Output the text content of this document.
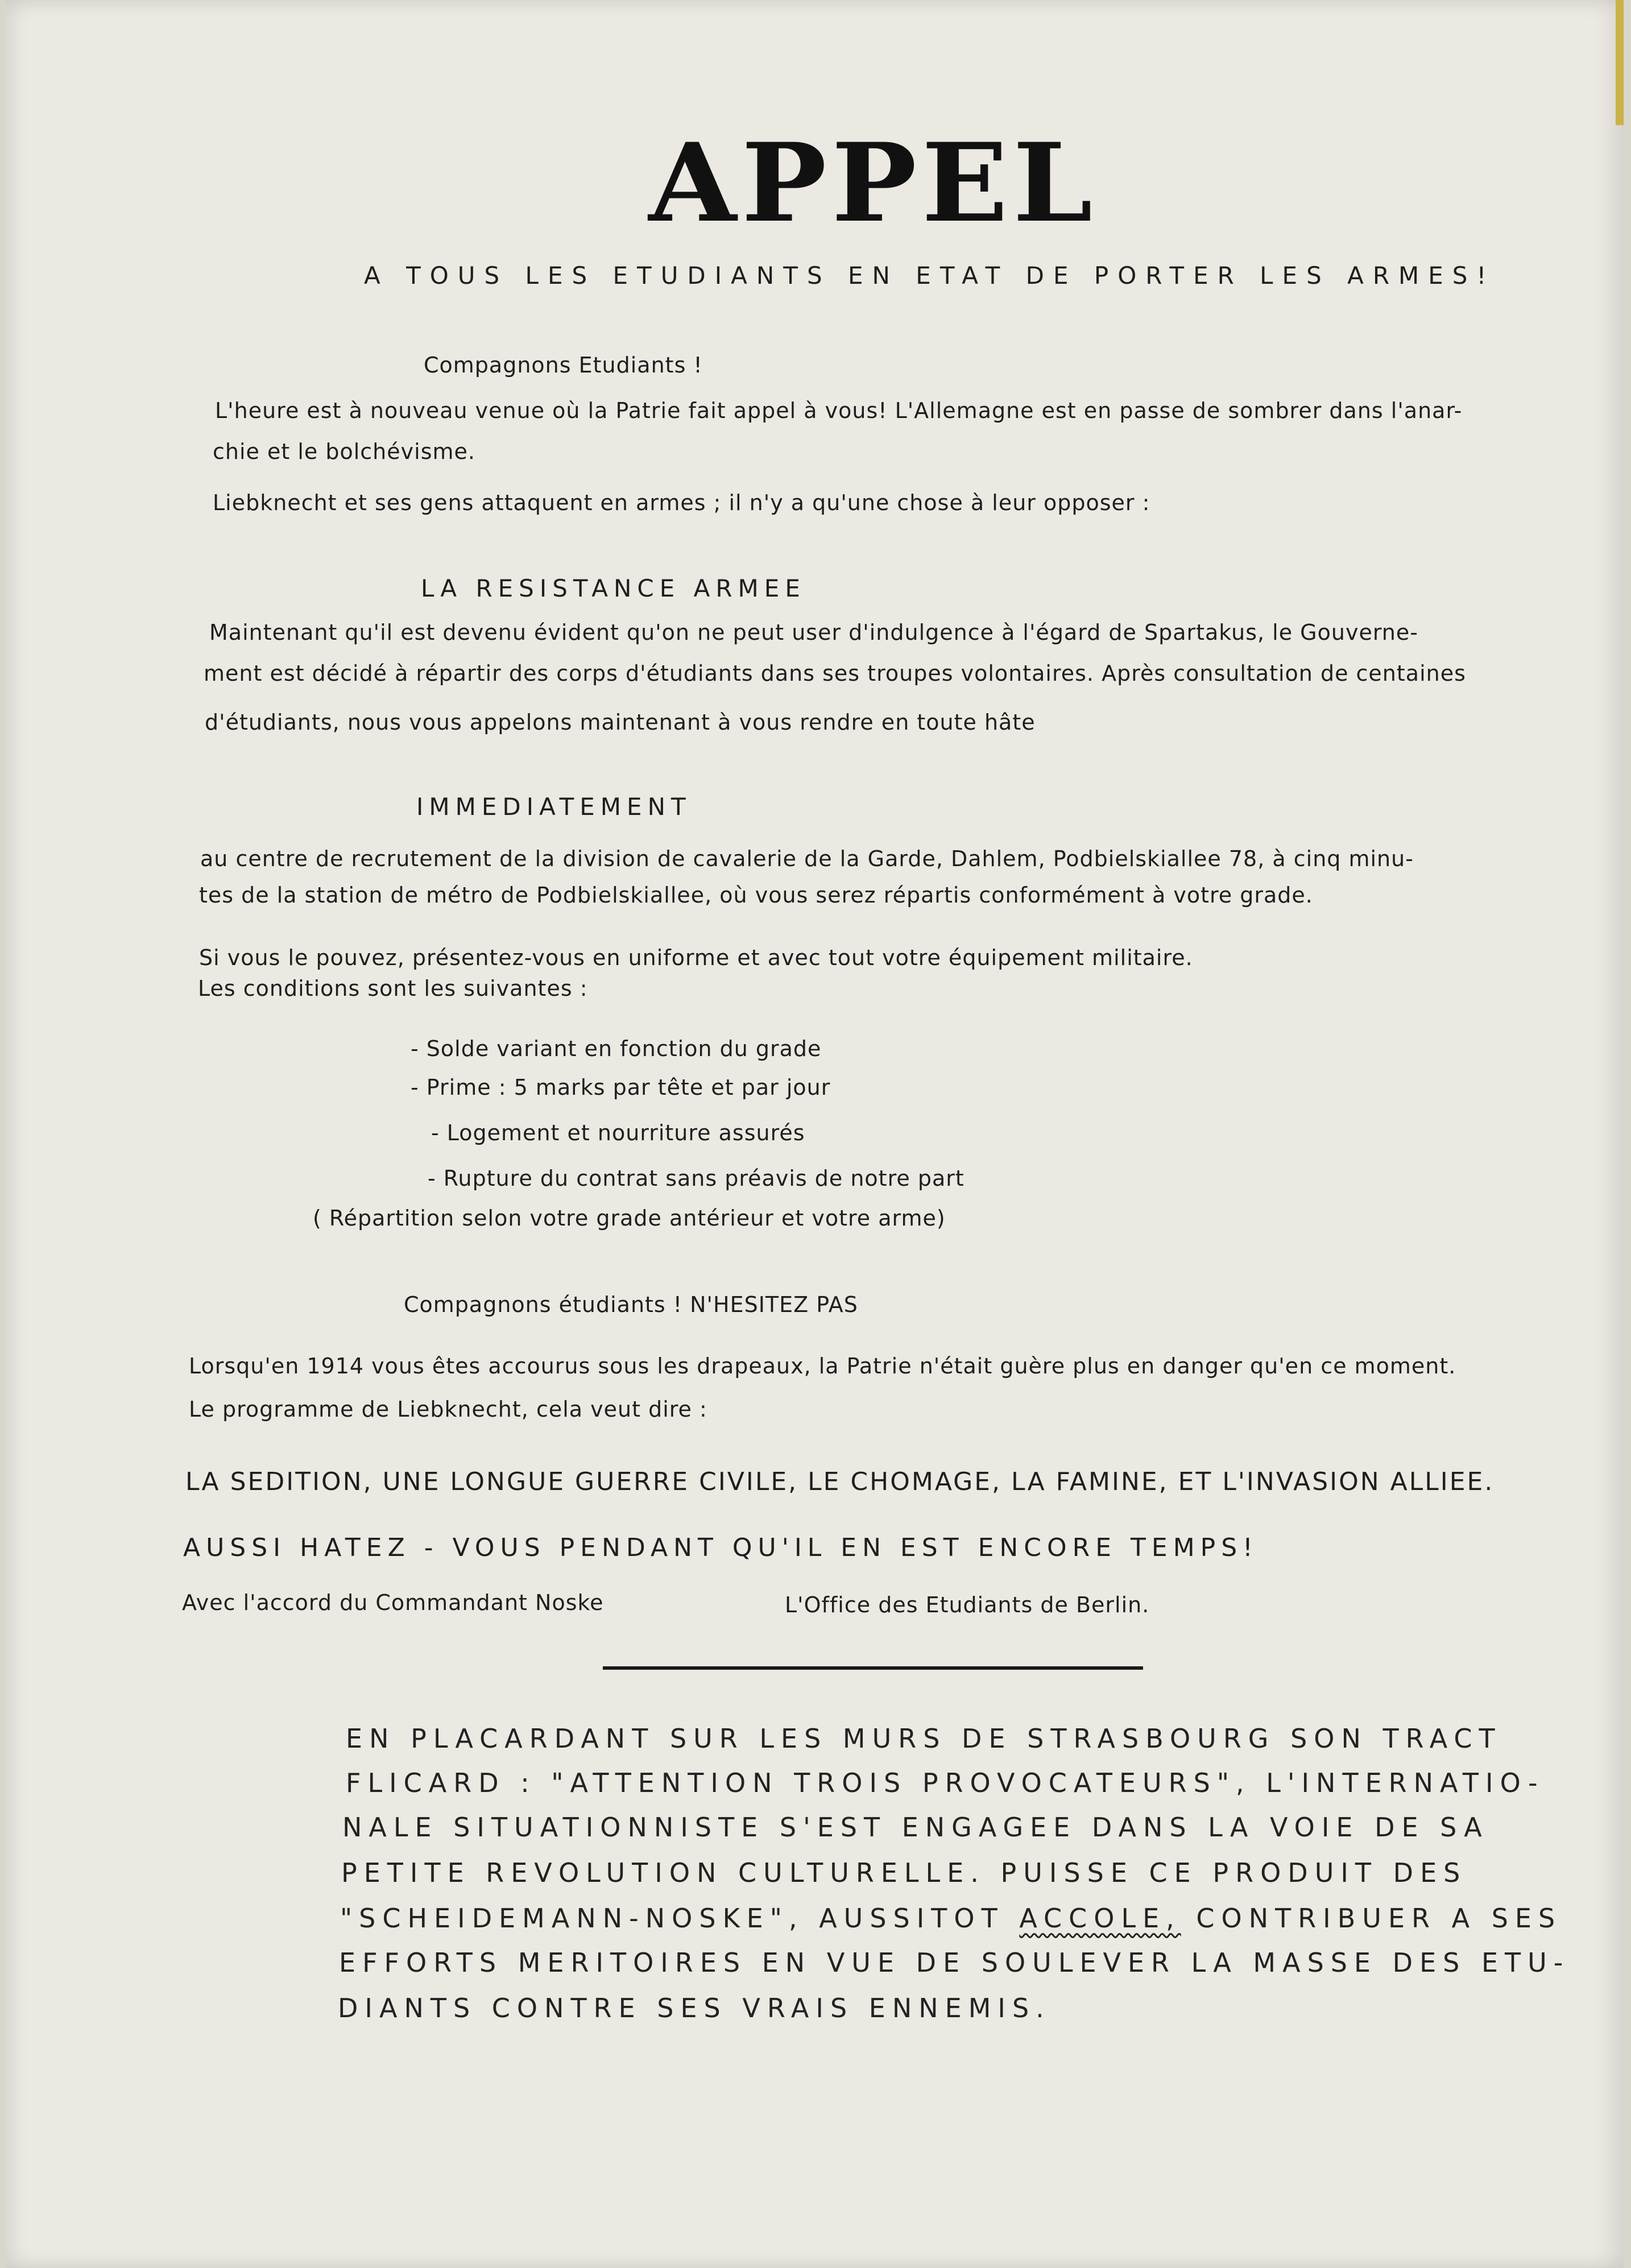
APPEL
A TOUS LES ETUDIANTS EN ETAT DE PORTER LES ARMES!
Compagnons Etudiants !
L'heure est à nouveau venue où la Patrie fait appel à vous! L'Allemagne est en passe de sombrer dans l'anar-
chie et le bolchévisme.
Liebknecht et ses gens attaquent en armes ; il n'y a qu'une chose à leur opposer :
LA RESISTANCE ARMEE
Maintenant qu'il est devenu évident qu'on ne peut user d'indulgence à l'égard de Spartakus, le Gouverne-
ment est décidé à répartir des corps d'étudiants dans ses troupes volontaires. Après consultation de centaines
d'étudiants, nous vous appelons maintenant à vous rendre en toute hâte
IMMEDIATEMENT
au centre de recrutement de la division de cavalerie de la Garde, Dahlem, Podbielskiallee 78, à cinq minu-
tes de la station de métro de Podbielskiallee, où vous serez répartis conformément à votre grade.
Si vous le pouvez, présentez-vous en uniforme et avec tout votre équipement militaire.
Les conditions sont les suivantes :
- Solde variant en fonction du grade
- Prime : 5 marks par tête et par jour
- Logement et nourriture assurés
- Rupture du contrat sans préavis de notre part
( Répartition selon votre grade antérieur et votre arme)
Compagnons étudiants ! N'HESITEZ PAS
Lorsqu'en 1914 vous êtes accourus sous les drapeaux, la Patrie n'était guère plus en danger qu'en ce moment.
Le programme de Liebknecht, cela veut dire :
LA SEDITION, UNE LONGUE GUERRE CIVILE, LE CHOMAGE, LA FAMINE, ET L'INVASION ALLIEE.
AUSSI HATEZ - VOUS PENDANT QU'IL EN EST ENCORE TEMPS!
Avec l'accord du Commandant Noske	L'Office des Etudiants de Berlin.
EN PLACARDANT SUR LES MURS DE STRASBOURG SON TRACT
FLICARD : "ATTENTION TROIS PROVOCATEURS", L'INTERNATIO-
NALE SITUATIONNISTE S'EST ENGAGEE DANS LA VOIE DE SA
PETITE REVOLUTION CULTURELLE. PUISSE CE PRODUIT DES
"SCHEIDEMANN-NOSKE", AUSSITOT ACCOLE, CONTRIBUER A SES
EFFORTS MERITOIRES EN VUE DE SOULEVER LA MASSE DES ETU-
DIANTS CONTRE SES VRAIS ENNEMIS.
